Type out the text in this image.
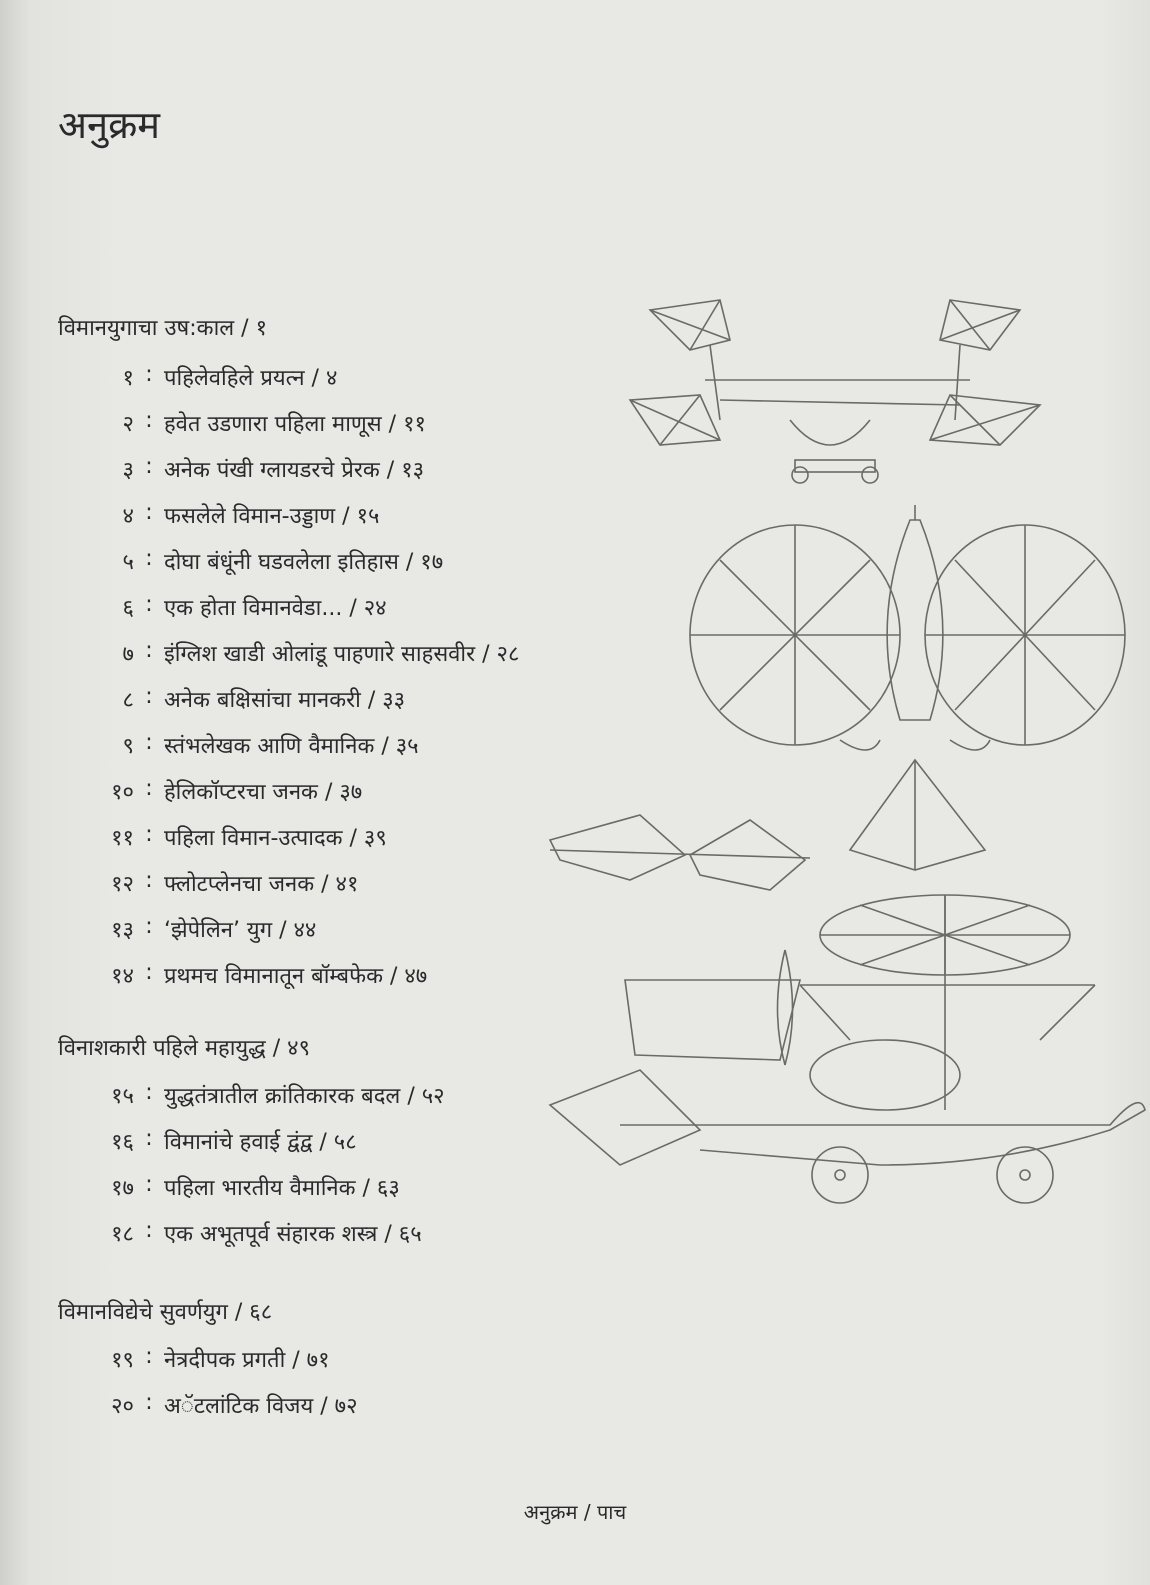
अनुक्रम
विमानयुगाचा उष:काल / १
१ : पहिलेवहिले प्रयत्न / ४
२ : हवेत उडणारा पहिला माणूस / ११
३ : अनेक पंखी ग्लायडरचे प्रेरक / १३
४ : फसलेले विमान-उड्डाण / १५
५ : दोघा बंधूंनी घडवलेला इतिहास / १७
६ : एक होता विमानवेडा... / २४
७ : इंग्लिश खाडी ओलांडू पाहणारे साहसवीर / २८
८ : अनेक बक्षिसांचा मानकरी / ३३
९ : स्तंभलेखक आणि वैमानिक / ३५
१० : हेलिकॉप्टरचा जनक / ३७
११ : पहिला विमान-उत्पादक / ३९
१२ : फ्लोटप्लेनचा जनक / ४१
१३ : ‘झेपेलिन’ युग / ४४
१४ : प्रथमच विमानातून बॉम्बफेक / ४७
विनाशकारी पहिले महायुद्ध / ४९
१५ : युद्धतंत्रातील क्रांतिकारक बदल / ५२
१६ : विमानांचे हवाई द्वंद्व / ५८
१७ : पहिला भारतीय वैमानिक / ६३
१८ : एक अभूतपूर्व संहारक शस्त्र / ६५
विमानविद्येचे सुवर्णयुग / ६८
१९ : नेत्रदीपक प्रगती / ७१
२० : अॅटलांटिक विजय / ७२
अनुक्रम / पाच
